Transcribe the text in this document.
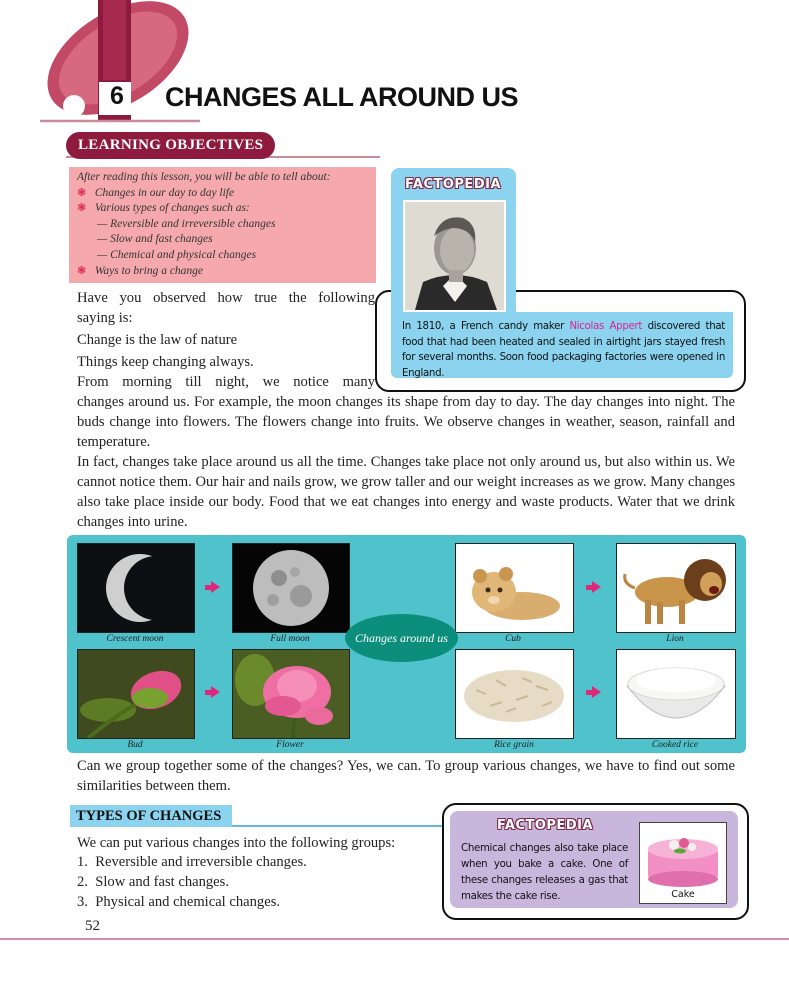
6 CHANGES ALL AROUND US
LEARNING OBJECTIVES
After reading this lesson, you will be able to tell about:
❃ Changes in our day to day life
❃ Various types of changes such as:
— Reversible and irreversible changes
— Slow and fast changes
— Chemical and physical changes
❃ Ways to bring a change
FACTOPEDIA
In 1810, a French candy maker Nicolas Appert discovered that food that had been heated and sealed in airtight jars stayed fresh for several months. Soon food packaging factories were opened in England.
Have you observed how true the following
saying is:
Change is the law of nature
Things keep changing always.
From morning till night, we notice many
changes around us. For example, the moon changes its shape from day to day. The day changes into night. The buds change into flowers. The flowers change into fruits. We observe changes in weather, season, rainfall and temperature.
In fact, changes take place around us all the time. Changes take place not only around us, but also within us. We cannot notice them. Our hair and nails grow, we grow taller and our weight increases as we grow. Many changes also take place inside our body. Food that we eat changes into energy and waste products. Water that we drink changes into urine.
Crescent moon	Full moon	Cub	Lion
Bud	Flower	Rice grain	Cooked rice
Changes around us
Can we group together some of the changes? Yes, we can. To group various changes, we have to find out some similarities between them.
TYPES OF CHANGES
We can put various changes into the following groups:
1.  Reversible and irreversible changes.
2.  Slow and fast changes.
3.  Physical and chemical changes.
FACTOPEDIA
Chemical changes also take place when you bake a cake. One of these changes releases a gas that makes the cake rise.	Cake
52
